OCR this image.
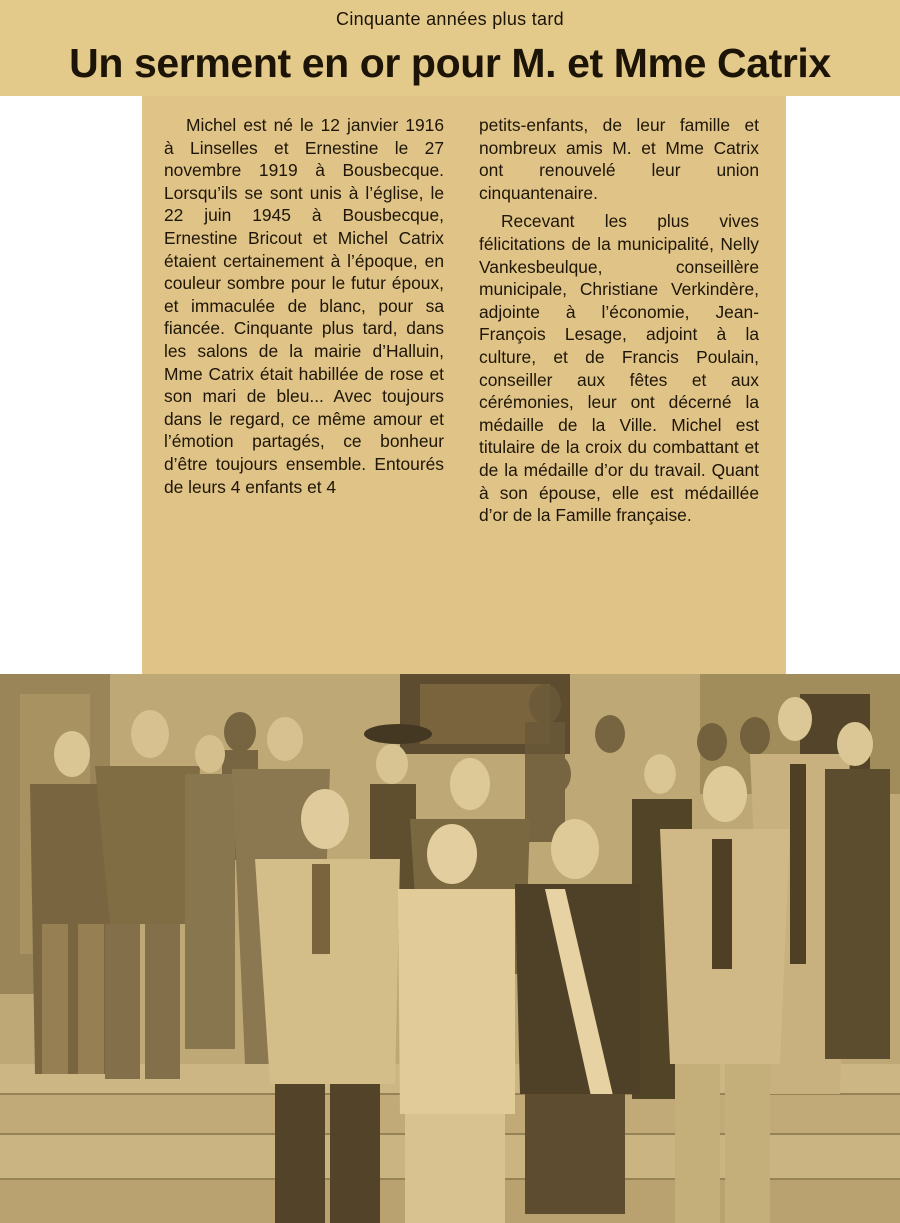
Cinquante années plus tard
Un serment en or pour M. et Mme Catrix

Michel est né le 12 janvier 1916 à Linselles et Ernestine le 27 novembre 1919 à Bousbecque. Lorsqu’ils se sont unis à l’église, le 22 juin 1945 à Bousbecque, Ernestine Bricout et Michel Catrix étaient certainement à l’époque, en couleur sombre pour le futur époux, et immaculée de blanc, pour sa fiancée. Cinquante plus tard, dans les salons de la mairie d’Halluin, Mme Catrix était habillée de rose et son mari de bleu... Avec toujours dans le regard, ce même amour et l’émotion partagés, ce bonheur d’être toujours ensemble. Entourés de leurs 4 enfants et 4

petits-enfants, de leur famille et nombreux amis M. et Mme Catrix ont renouvelé leur union cinquantenaire.

Recevant les plus vives félicitations de la municipalité, Nelly Vankesbeulque, conseillère municipale, Christiane Verkindère, adjointe à l’économie, Jean-François Lesage, adjoint à la culture, et de Francis Poulain, conseiller aux fêtes et aux cérémonies, leur ont décerné la médaille de la Ville. Michel est titulaire de la croix du combattant et de la médaille d’or du travail. Quant à son épouse, elle est médaillée d’or de la Famille française.
